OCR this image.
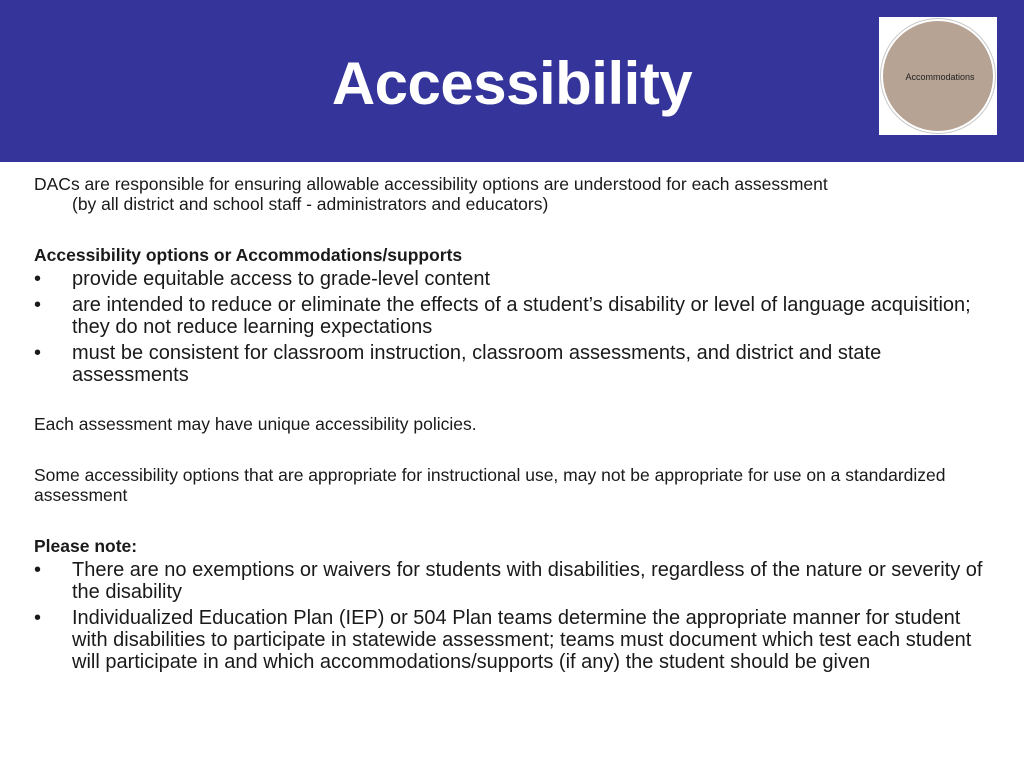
Accessibility	Accommodations

DACs are responsible for ensuring allowable accessibility options are understood for each assessment
(by all district and school staff - administrators and educators)

Accessibility options or Accommodations/supports

•	provide equitable access to grade-level content
•	are intended to reduce or eliminate the effects of a student’s disability or level of language acquisition; they do not reduce learning expectations
•	must be consistent for classroom instruction, classroom assessments, and district and state assessments

Each assessment may have unique accessibility policies.

Some accessibility options that are appropriate for instructional use, may not be appropriate for use on a standardized assessment

Please note:

•	There are no exemptions or waivers for students with disabilities, regardless of the nature or severity of the disability
•	Individualized Education Plan (IEP) or 504 Plan teams determine the appropriate manner for student with disabilities to participate in statewide assessment; teams must document which test each student will participate in and which accommodations/supports (if any) the student should be given
